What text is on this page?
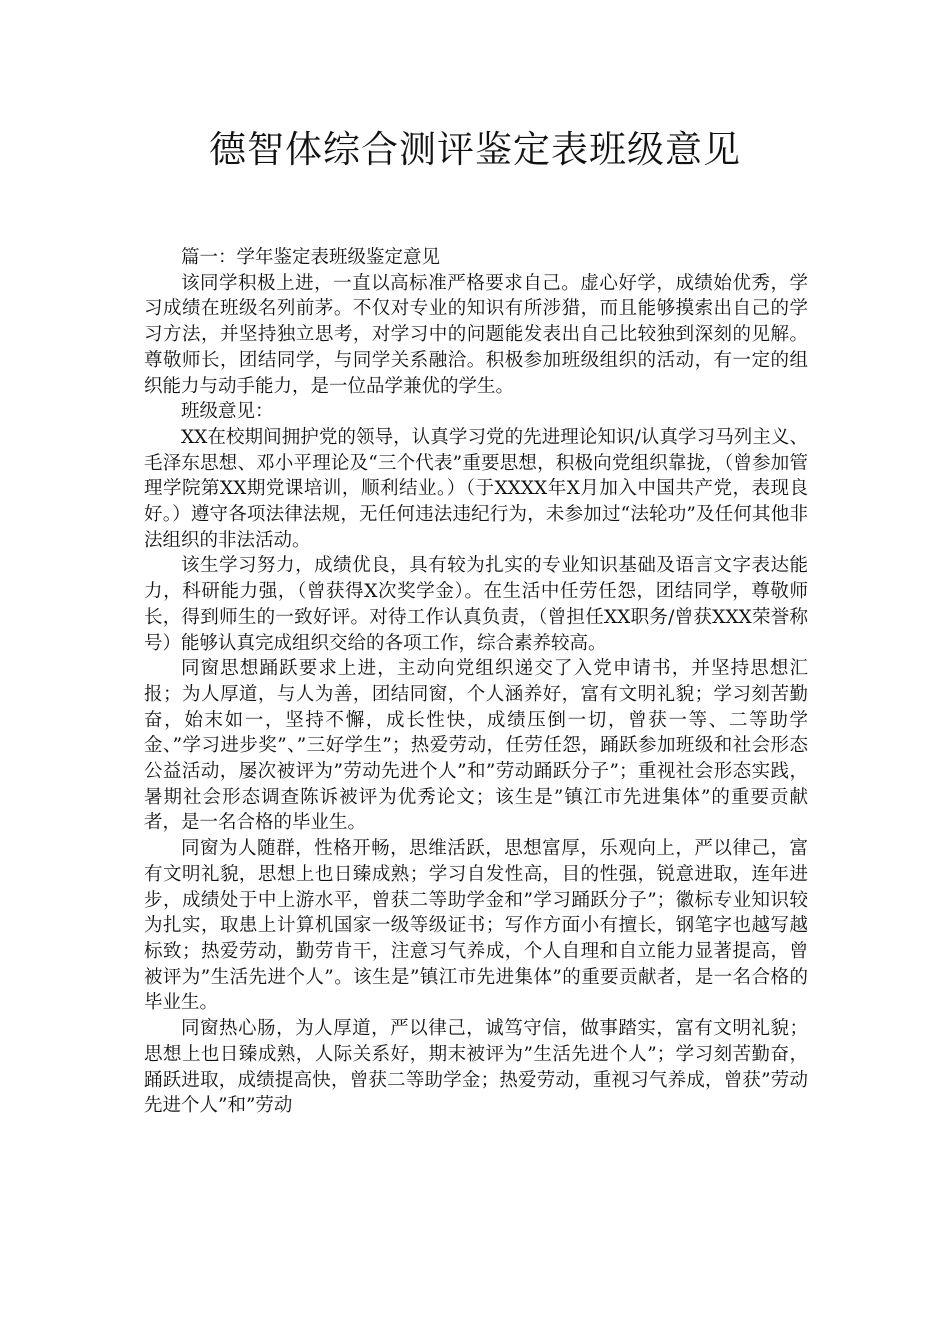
德智体综合测评鉴定表班级意见

篇一：学年鉴定表班级鉴定意见

该同学积极上进，一直以高标准严格要求自己。虚心好学，成绩始优秀，学习成绩在班级名列前茅。不仅对专业的知识有所涉猎，而且能够摸索出自己的学习方法，并坚持独立思考，对学习中的问题能发表出自己比较独到深刻的见解。尊敬师长，团结同学，与同学关系融洽。积极参加班级组织的活动，有一定的组织能力与动手能力，是一位品学兼优的学生。

班级意见：

XX在校期间拥护党的领导，认真学习党的先进理论知识/认真学习马列主义、毛泽东思想、邓小平理论及“三个代表”重要思想，积极向党组织靠拢，（曾参加管理学院第XX期党课培训，顺利结业。）（于XXXX年X月加入中国共产党，表现良好。）遵守各项法律法规，无任何违法违纪行为，未参加过“法轮功”及任何其他非法组织的非法活动。

该生学习努力，成绩优良，具有较为扎实的专业知识基础及语言文字表达能力，科研能力强，（曾获得X次奖学金）。在生活中任劳任怨，团结同学，尊敬师长，得到师生的一致好评。对待工作认真负责，（曾担任XX职务/曾获XXX荣誉称号）能够认真完成组织交给的各项工作，综合素养较高。

同窗思想踊跃要求上进，主动向党组织递交了入党申请书，并坚持思想汇报；为人厚道，与人为善，团结同窗，个人涵养好，富有文明礼貌；学习刻苦勤奋，始末如一，坚持不懈，成长性快，成绩压倒一切，曾获一等、二等助学金、”学习进步奖”、”三好学生”；热爱劳动，任劳任怨，踊跃参加班级和社会形态公益活动，屡次被评为”劳动先进个人”和”劳动踊跃分子”；重视社会形态实践，暑期社会形态调查陈诉被评为优秀论文；该生是”镇江市先进集体”的重要贡献者，是一名合格的毕业生。

同窗为人随群，性格开畅，思维活跃，思想富厚，乐观向上，严以律己，富有文明礼貌，思想上也日臻成熟；学习自发性高，目的性强，锐意进取，连年进步，成绩处于中上游水平，曾获二等助学金和”学习踊跃分子”；徽标专业知识较为扎实，取患上计算机国家一级等级证书；写作方面小有擅长，钢笔字也越写越标致；热爱劳动，勤劳肯干，注意习气养成，个人自理和自立能力显著提高，曾被评为”生活先进个人”。该生是”镇江市先进集体”的重要贡献者，是一名合格的毕业生。

同窗热心肠，为人厚道，严以律己，诚笃守信，做事踏实，富有文明礼貌；思想上也日臻成熟，人际关系好，期末被评为”生活先进个人”；学习刻苦勤奋，踊跃进取，成绩提高快，曾获二等助学金；热爱劳动，重视习气养成，曾获”劳动先进个人”和”劳动
